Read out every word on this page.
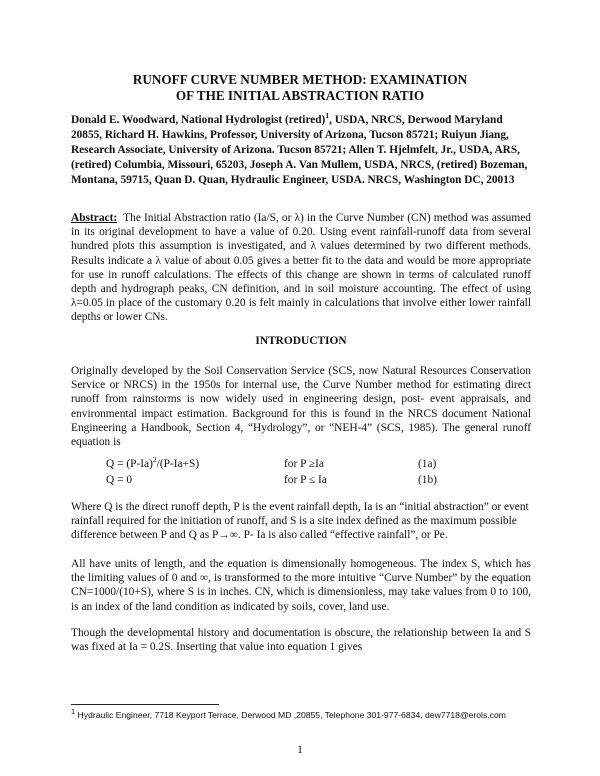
RUNOFF CURVE NUMBER METHOD: EXAMINATION
OF THE INITIAL ABSTRACTION RATIO
Donald E. Woodward, National Hydrologist (retired)$^1$, USDA, NRCS, Derwood Maryland 20855, Richard H. Hawkins, Professor, University of Arizona, Tucson 85721; Ruiyun Jiang, Research Associate, University of Arizona. Tucson 85721; Allen T. Hjelmfelt, Jr., USDA, ARS, (retired) Columbia, Missouri, 65203, Joseph A. Van Mullem, USDA, NRCS, (retired) Bozeman, Montana, 59715, Quan D. Quan, Hydraulic Engineer, USDA. NRCS, Washington DC, 20013
Abstract: The Initial Abstraction ratio (Ia/S, or λ) in the Curve Number (CN) method was assumed in its original development to have a value of 0.20. Using event rainfall-runoff data from several hundred plots this assumption is investigated, and λ values determined by two different methods. Results indicate a λ value of about 0.05 gives a better fit to the data and would be more appropriate for use in runoff calculations. The effects of this change are shown in terms of calculated runoff depth and hydrograph peaks, CN definition, and in soil moisture accounting. The effect of using λ=0.05 in place of the customary 0.20 is felt mainly in calculations that involve either lower rainfall depths or lower CNs.
INTRODUCTION
Originally developed by the Soil Conservation Service (SCS, now Natural Resources Conservation Service or NRCS) in the 1950s for internal use, the Curve Number method for estimating direct runoff from rainstorms is now widely used in engineering design, post- event appraisals, and environmental impact estimation. Background for this is found in the NRCS document National Engineering a Handbook, Section 4, “Hydrology”, or “NEH-4” (SCS, 1985). The general runoff equation is
$Q = (P-Ia)^2/(P-Ia+S)$	for P ≥Ia	(1a)
Q = 0	for P ≤ Ia	(1b)
Where Q is the direct runoff depth, P is the event rainfall depth, Ia is an “initial abstraction” or event rainfall required for the initiation of runoff, and S is a site index defined as the maximum possible difference between P and Q as P→∞. P- Ia is also called “effective rainfall”, or Pe.
All have units of length, and the equation is dimensionally homogeneous. The index S, which has the limiting values of 0 and ∞, is transformed to the more intuitive “Curve Number” by the equation CN=1000/(10+S), where S is in inches. CN, which is dimensionless, may take values from 0 to 100, is an index of the land condition as indicated by soils, cover, land use.
Though the developmental history and documentation is obscure, the relationship between Ia and S was fixed at Ia = 0.2S. Inserting that value into equation 1 gives
$^1$ Hydraulic Engineer, 7718 Keyport Terrace, Derwood MD ,20855, Telephone 301-977-6834, dew7718@erols.com
1
